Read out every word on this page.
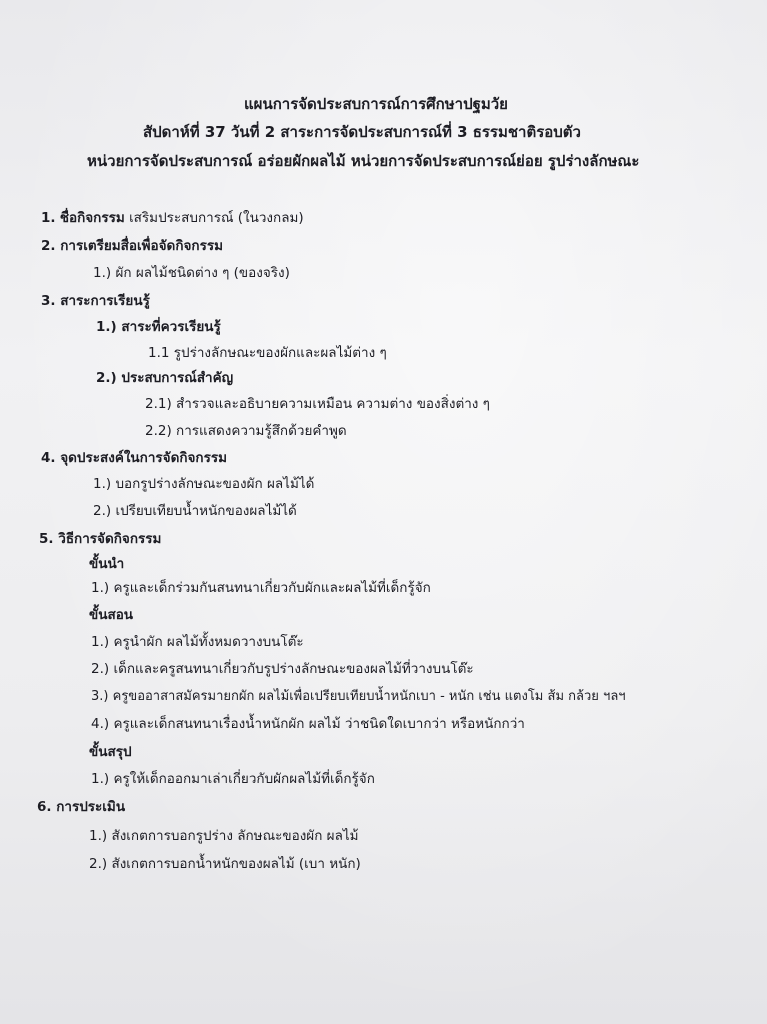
แผนการจัดประสบการณ์การศึกษาปฐมวัย
สัปดาห์ที่ 37 วันที่ 2 สาระการจัดประสบการณ์ที่ 3 ธรรมชาติรอบตัว
หน่วยการจัดประสบการณ์ อร่อยผักผลไม้ หน่วยการจัดประสบการณ์ย่อย รูปร่างลักษณะ
1. ชื่อกิจกรรม เสริมประสบการณ์ (ในวงกลม)
2. การเตรียมสื่อเพื่อจัดกิจกรรม
1.) ผัก ผลไม้ชนิดต่าง ๆ (ของจริง)
3. สาระการเรียนรู้
1.) สาระที่ควรเรียนรู้
1.1 รูปร่างลักษณะของผักและผลไม้ต่าง ๆ
2.) ประสบการณ์สำคัญ
2.1) สำรวจและอธิบายความเหมือน ความต่าง ของสิ่งต่าง ๆ
2.2) การแสดงความรู้สึกด้วยคำพูด
4. จุดประสงค์ในการจัดกิจกรรม
1.) บอกรูปร่างลักษณะของผัก ผลไม้ได้
2.) เปรียบเทียบน้ำหนักของผลไม้ได้
5. วิธีการจัดกิจกรรม
ขั้นนำ
1.) ครูและเด็กร่วมกันสนทนาเกี่ยวกับผักและผลไม้ที่เด็กรู้จัก
ขั้นสอน
1.) ครูนำผัก ผลไม้ทั้งหมดวางบนโต๊ะ
2.) เด็กและครูสนทนาเกี่ยวกับรูปร่างลักษณะของผลไม้ที่วางบนโต๊ะ
3.) ครูขออาสาสมัครมายกผัก ผลไม้เพื่อเปรียบเทียบน้ำหนักเบา - หนัก เช่น แตงโม ส้ม กล้วย ฯลฯ
4.) ครูและเด็กสนทนาเรื่องน้ำหนักผัก ผลไม้ ว่าชนิดใดเบากว่า หรือหนักกว่า
ขั้นสรุป
1.) ครูให้เด็กออกมาเล่าเกี่ยวกับผักผลไม้ที่เด็กรู้จัก
6. การประเมิน
1.) สังเกตการบอกรูปร่าง ลักษณะของผัก ผลไม้
2.) สังเกตการบอกน้ำหนักของผลไม้ (เบา หนัก)
